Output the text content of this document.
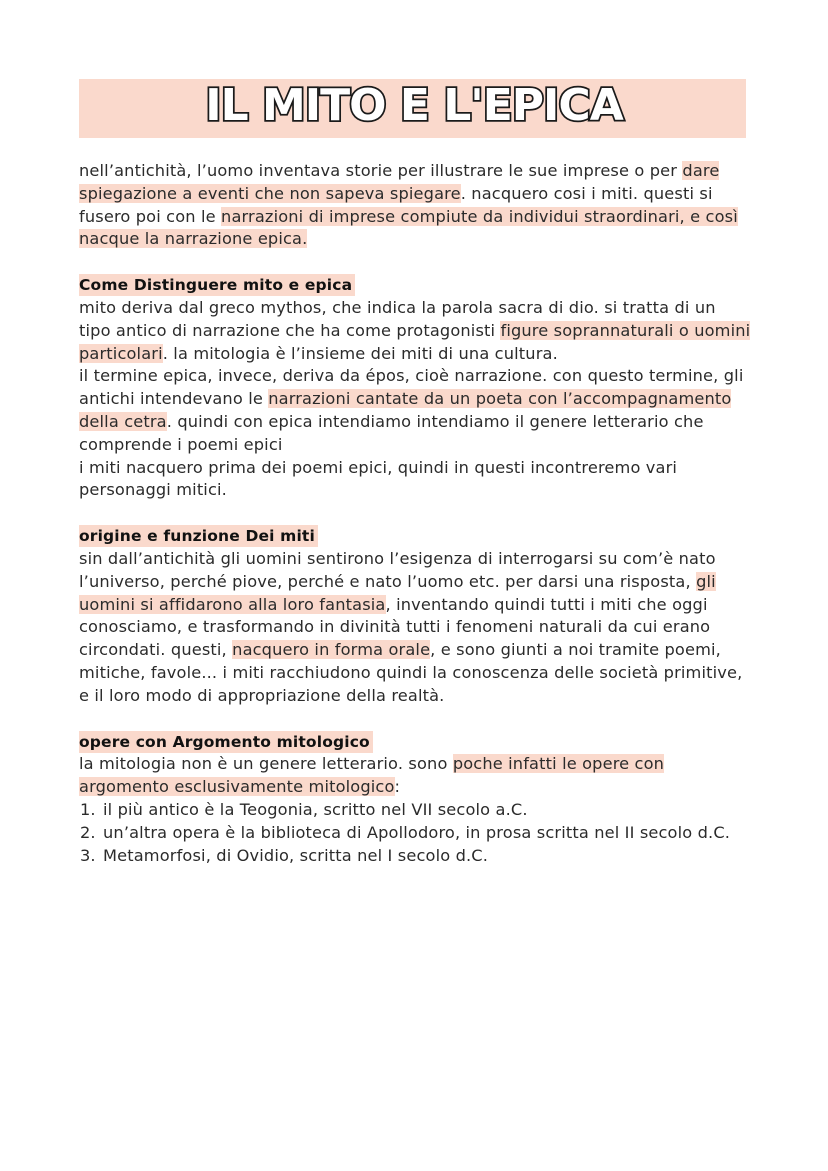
IL MITO E L'EPICA

nell’antichità, l’uomo inventava storie per illustrare le sue imprese o per dare spiegazione a eventi che non sapeva spiegare. nacquero cosi i miti. questi si fusero poi con le narrazioni di imprese compiute da individui straordinari, e così nacque la narrazione epica.

Come Distinguere mito e epica

mito deriva dal greco mythos, che indica la parola sacra di dio. si tratta di un tipo antico di narrazione che ha come protagonisti figure soprannaturali o uomini particolari. la mitologia è l’insieme dei miti di una cultura.

il termine epica, invece, deriva da épos, cioè narrazione. con questo termine, gli antichi intendevano le narrazioni cantate da un poeta con l’accompagnamento della cetra. quindi con epica intendiamo intendiamo il genere letterario che comprende i poemi epici

i miti nacquero prima dei poemi epici, quindi in questi incontreremo vari personaggi mitici.

origine e funzione Dei miti

sin dall’antichità gli uomini sentirono l’esigenza di interrogarsi su com’è nato l’universo, perché piove, perché e nato l’uomo etc. per darsi una risposta, gli uomini si affidarono alla loro fantasia, inventando quindi tutti i miti che oggi conosciamo, e trasformando in divinità tutti i fenomeni naturali da cui erano circondati. questi, nacquero in forma orale, e sono giunti a noi tramite poemi, mitiche, favole... i miti racchiudono quindi la conoscenza delle società primitive, e il loro modo di appropriazione della realtà.

opere con Argomento mitologico

la mitologia non è un genere letterario. sono poche infatti le opere con argomento esclusivamente mitologico:

1. il più antico è la Teogonia, scritto nel VII secolo a.C.
2. un’altra opera è la biblioteca di Apollodoro, in prosa scritta nel II secolo d.C.
3. Metamorfosi, di Ovidio, scritta nel I secolo d.C.
